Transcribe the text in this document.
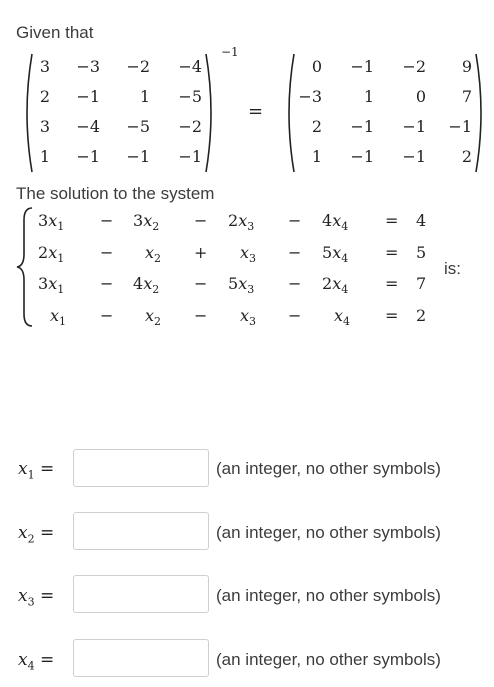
Given that
3	−3	−2	−4
2	−1	1	−5
3	−4	−5	−2
1	−1	−1	−1
−1
=
0	−1	−2	9
−3	1	0	7
2	−1	−1	−1
1	−1	−1	2
The solution to the system
$3x_1 - 3x_2 - 2x_3 - 4x_4 = 4$
$2x_1 - x_2 + x_3 - 5x_4 = 5$
$3x_1 - 4x_2 - 5x_3 - 2x_4 = 7$
$x_1 - x_2 - x_3 - x_4 = 2$
is:
$x_1$ =	(an integer, no other symbols)
$x_2$ =	(an integer, no other symbols)
$x_3$ =	(an integer, no other symbols)
$x_4$ =	(an integer, no other symbols)
